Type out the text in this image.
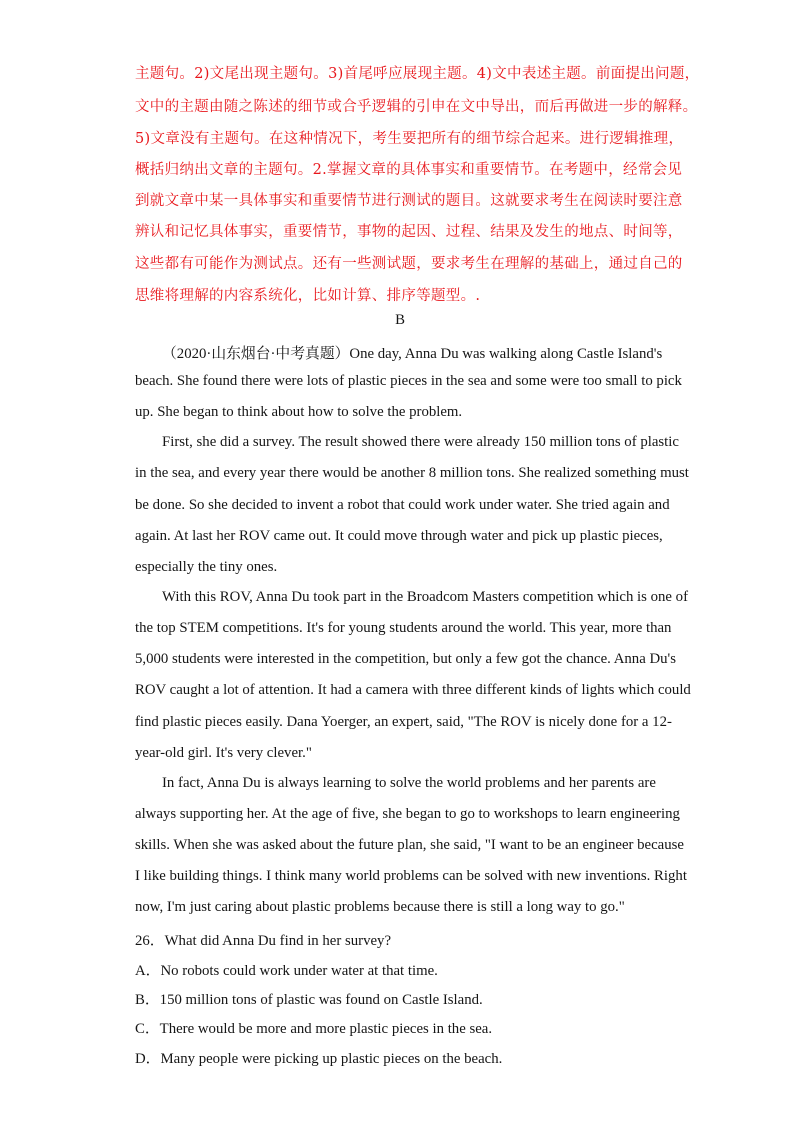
主题句。2)文尾出现主题句。3)首尾呼应展现主题。4)文中表述主题。前面提出问题，
文中的主题由随之陈述的细节或合乎逻辑的引申在文中导出，而后再做进一步的解释。
5)文章没有主题句。在这种情况下，考生要把所有的细节综合起来。进行逻辑推理，
概括归纳出文章的主题句。2.掌握文章的具体事实和重要情节。在考题中，经常会见
到就文章中某一具体事实和重要情节进行测试的题目。这就要求考生在阅读时要注意
辨认和记忆具体事实，重要情节，事物的起因、过程、结果及发生的地点、时间等，
这些都有可能作为测试点。还有一些测试题，要求考生在理解的基础上，通过自己的
思维将理解的内容系统化，比如计算、排序等题型。.
B
（2020·山东烟台·中考真题）One day, Anna Du was walking along Castle Island's
beach. She found there were lots of plastic pieces in the sea and some were too small to pick
up. She began to think about how to solve the problem.
First, she did a survey. The result showed there were already 150 million tons of plastic
in the sea, and every year there would be another 8 million tons. She realized something must
be done. So she decided to invent a robot that could work under water. She tried again and
again. At last her ROV came out. It could move through water and pick up plastic pieces,
especially the tiny ones.
With this ROV, Anna Du took part in the Broadcom Masters competition which is one of
the top STEM competitions. It's for young students around the world. This year, more than
5,000 students were interested in the competition, but only a few got the chance. Anna Du's
ROV caught a lot of attention. It had a camera with three different kinds of lights which could
find plastic pieces easily. Dana Yoerger, an expert, said, "The ROV is nicely done for a 12-
year-old girl. It's very clever."
In fact, Anna Du is always learning to solve the world problems and her parents are
always supporting her. At the age of five, she began to go to workshops to learn engineering
skills. When she was asked about the future plan, she said, "I want to be an engineer because
I like building things. I think many world problems can be solved with new inventions. Right
now, I'm just caring about plastic problems because there is still a long way to go."
26．What did Anna Du find in her survey?
A．No robots could work under water at that time.
B．150 million tons of plastic was found on Castle Island.
C．There would be more and more plastic pieces in the sea.
D．Many people were picking up plastic pieces on the beach.
